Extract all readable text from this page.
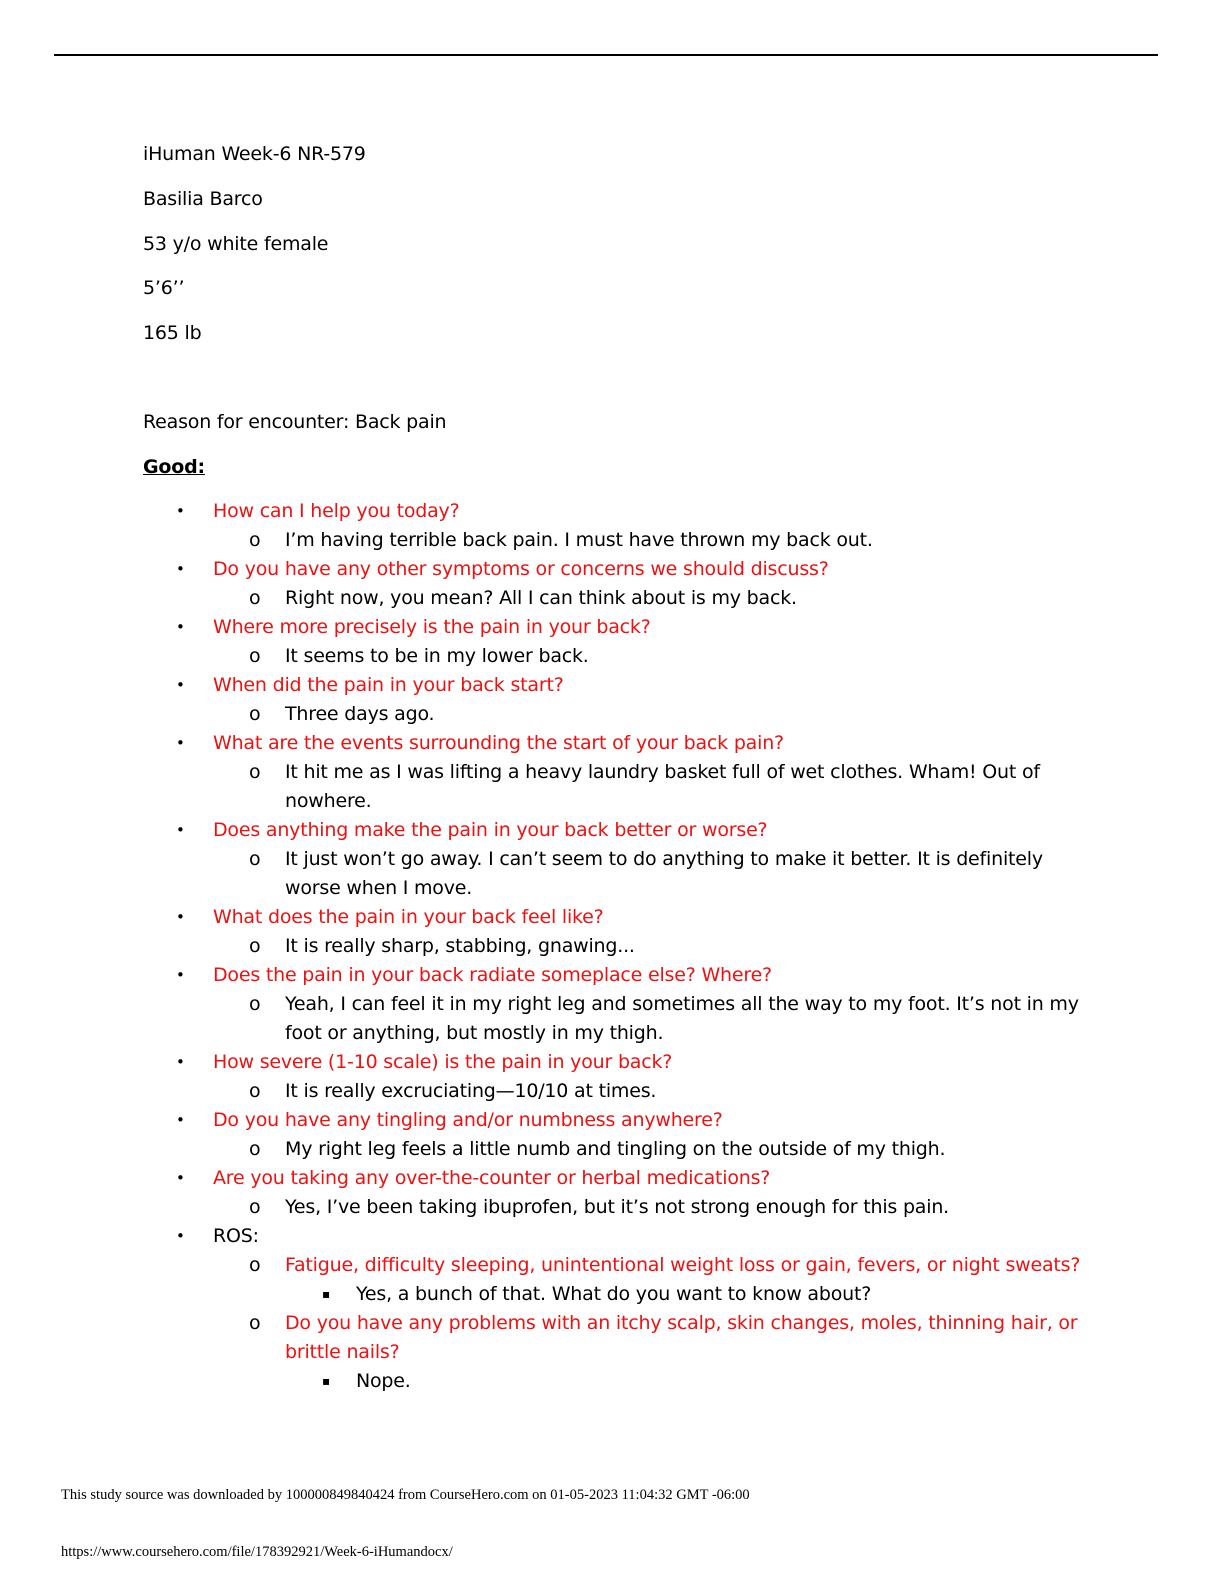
iHuman Week-6 NR-579
Basilia Barco
53 y/o white female
5’6’’
165 lb
Reason for encounter: Back pain
Good:
• How can I help you today?
o I’m having terrible back pain. I must have thrown my back out.
• Do you have any other symptoms or concerns we should discuss?
o Right now, you mean? All I can think about is my back.
• Where more precisely is the pain in your back?
o It seems to be in my lower back.
• When did the pain in your back start?
o Three days ago.
• What are the events surrounding the start of your back pain?
o It hit me as I was lifting a heavy laundry basket full of wet clothes. Wham! Out of nowhere.
• Does anything make the pain in your back better or worse?
o It just won’t go away. I can’t seem to do anything to make it better. It is definitely worse when I move.
• What does the pain in your back feel like?
o It is really sharp, stabbing, gnawing...
• Does the pain in your back radiate someplace else? Where?
o Yeah, I can feel it in my right leg and sometimes all the way to my foot. It’s not in my foot or anything, but mostly in my thigh.
• How severe (1-10 scale) is the pain in your back?
o It is really excruciating—10/10 at times.
• Do you have any tingling and/or numbness anywhere?
o My right leg feels a little numb and tingling on the outside of my thigh.
• Are you taking any over-the-counter or herbal medications?
o Yes, I’ve been taking ibuprofen, but it’s not strong enough for this pain.
• ROS:
o Fatigue, difficulty sleeping, unintentional weight loss or gain, fevers, or night sweats?
▪ Yes, a bunch of that. What do you want to know about?
o Do you have any problems with an itchy scalp, skin changes, moles, thinning hair, or brittle nails?
▪ Nope.
This study source was downloaded by 100000849840424 from CourseHero.com on 01-05-2023 11:04:32 GMT -06:00
https://www.coursehero.com/file/178392921/Week-6-iHumandocx/
